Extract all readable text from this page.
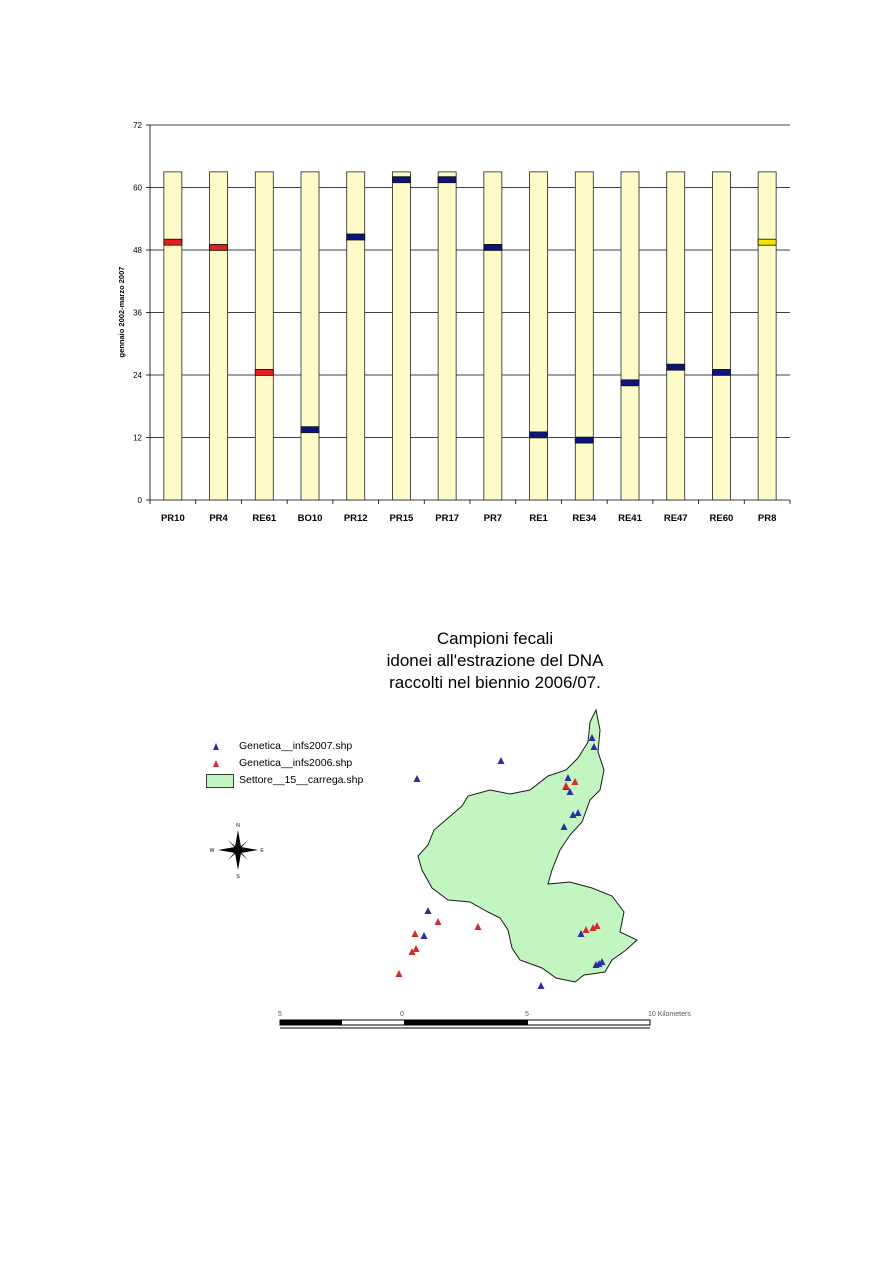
0
12
24
36
48
60
72
PR10	PR4	RE61 BO10 PR12 PR15 PR17	PR7	RE1	RE34 RE41 RE47 RE60	PR8
gennaio 2002-marzo 2007
Campioni fecali
idonei all'estrazione del DNA
raccolti nel biennio 2006/07.
Genetica__infs2007.shp
Genetica__infs2006.shp
Settore__15__carrega.shp
N
S
E
W
5	0	5	10 Kilometers
